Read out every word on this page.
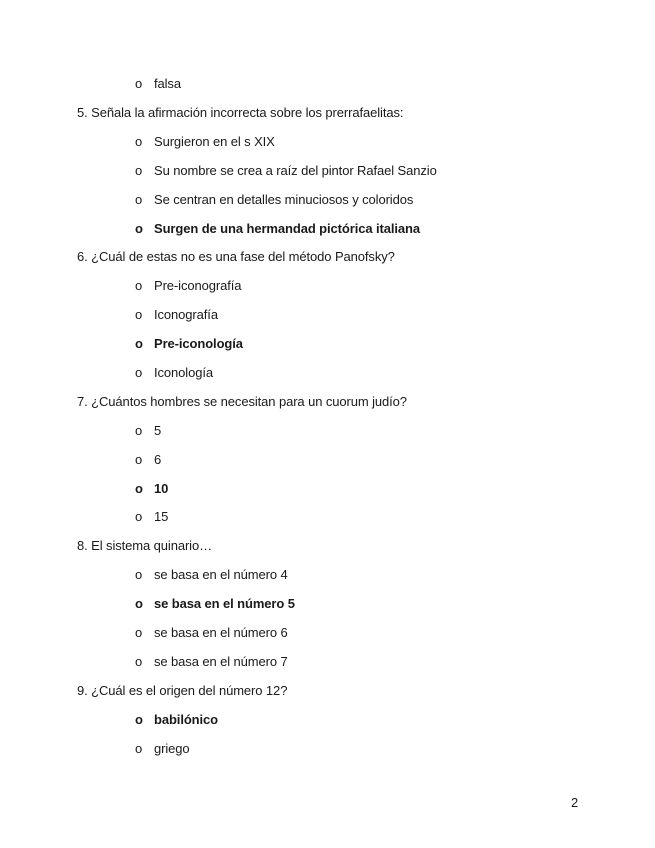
o falsa
5. Señala la afirmación incorrecta sobre los prerrafaelitas:
o Surgieron en el s XIX
o Su nombre se crea a raíz del pintor Rafael Sanzio
o Se centran en detalles minuciosos y coloridos
o Surgen de una hermandad pictórica italiana
6. ¿Cuál de estas no es una fase del método Panofsky?
o Pre-iconografía
o Iconografía
o Pre-iconología
o Iconología
7. ¿Cuántos hombres se necesitan para un cuorum judío?
o 5
o 6
o 10
o 15
8. El sistema quinario…
o se basa en el número 4
o se basa en el número 5
o se basa en el número 6
o se basa en el número 7
9. ¿Cuál es el origen del número 12?
o babilónico
o griego
2
